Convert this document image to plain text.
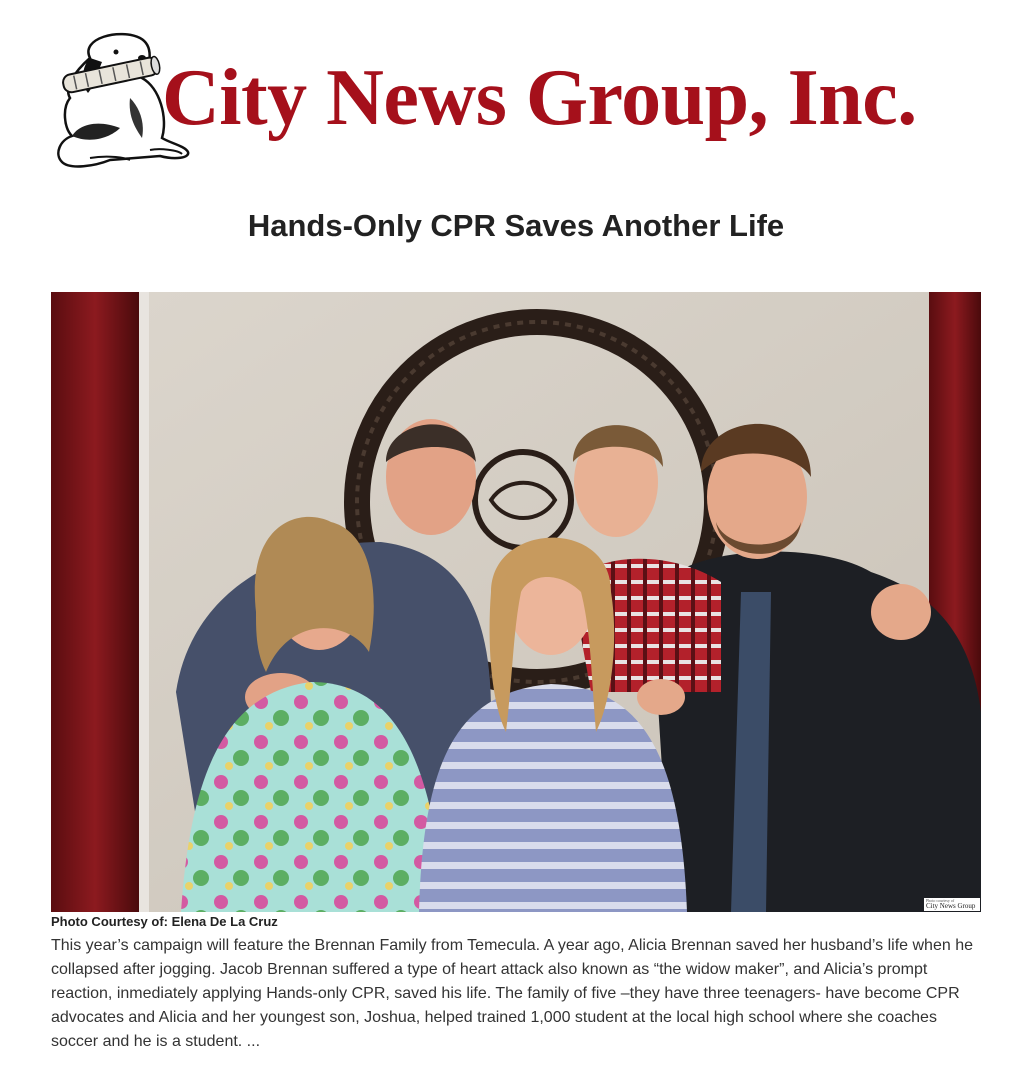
City News Group, Inc.
Hands-Only CPR Saves Another Life
Photo courtesy of
City News Group
Photo Courtesy of: Elena De La Cruz

This year’s campaign will feature the Brennan Family from Temecula. A year ago, Alicia Brennan saved her husband’s life when he collapsed after jogging. Jacob Brennan suffered a type of heart attack also known as “the widow maker”, and Alicia’s prompt reaction, inmediately applying Hands-only CPR, saved his life. The family of five –they have three teenagers- have become CPR advocates and Alicia and her youngest son, Joshua, helped trained 1,000 student at the local high school where she coaches soccer and he is a student. ...
